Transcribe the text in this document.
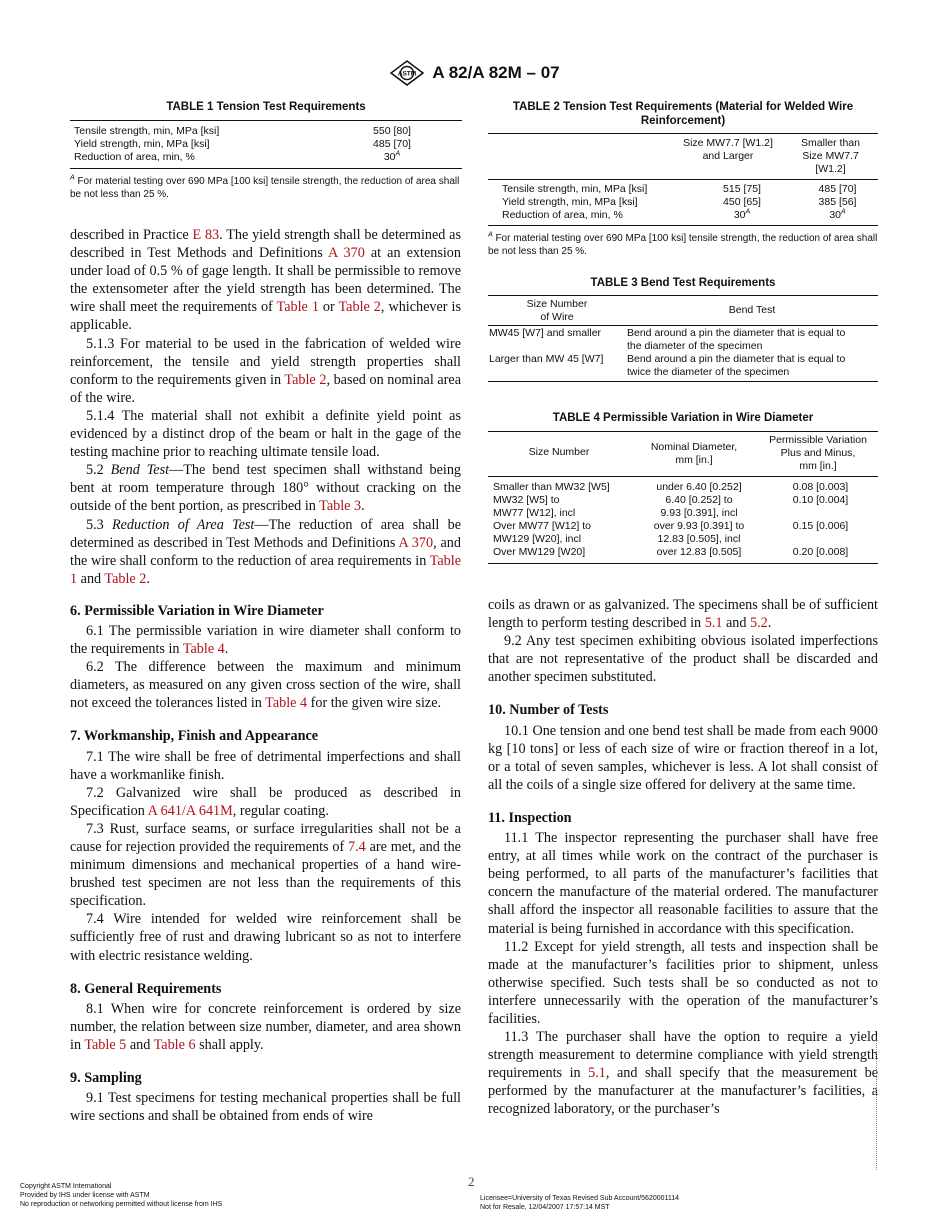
ASTM A 82/A 82M – 07
TABLE 1 Tension Test Requirements
Tensile strength, min, MPa [ksi]	550 [80]	
Yield strength, min, MPa [ksi]	485 [70]	
Reduction of area, min, %	$30^A$	
$^A$ For material testing over 690 MPa [100 ksi] tensile strength, the reduction of area shall be not less than 25 %.
TABLE 2 Tension Test Requirements (Material for Welded Wire
Reinforcement)

Size MW7.7 [W1.2]
and Larger

Smaller than
Size MW7.7
[W1.2]
Tensile strength, min, MPa [ksi]	515 [75]	485 [70]
Yield strength, min, MPa [ksi]	450 [65]	385 [56]
Reduction of area, min, %	$30^A$	$30^A$
$^A$ For material testing over 690 MPa [100 ksi] tensile strength, the reduction of area shall be not less than 25 %.
TABLE 3 Bend Test Requirements
Size Number
of Wire
	Bend Test
MW45 [W7] and smaller	Bend around a pin the diameter that is equal to
the diameter of the specimen

Larger than MW 45 [W7]	Bend around a pin the diameter that is equal to
twice the diameter of the specimen
TABLE 4 Permissible Variation in Wire Diameter
Size Number	Nominal Diameter,
mm [in.]

Permissible Variation
Plus and Minus,
mm [in.]
Smaller than MW32 [W5]	under 6.40 [0.252]	0.08 [0.003]
MW32 [W5] to	6.40 [0.252] to	0.10 [0.004]
MW77 [W12], incl	9.93 [0.391], incl	
Over MW77 [W12] to	over 9.93 [0.391] to	0.15 [0.006]
MW129 [W20], incl	12.83 [0.505], incl	
Over MW129 [W20]	over 12.83 [0.505]	0.20 [0.008]

described in Practice E 83. The yield strength shall be determined as described in Test Methods and Definitions A 370 at an extension under load of 0.5 % of gage length. It shall be permissible to remove the extensometer after the yield strength has been determined. The wire shall meet the requirements of Table 1 or Table 2, whichever is applicable.

5.1.3 For material to be used in the fabrication of welded wire reinforcement, the tensile and yield strength properties shall conform to the requirements given in Table 2, based on nominal area of the wire.

5.1.4 The material shall not exhibit a definite yield point as evidenced by a distinct drop of the beam or halt in the gage of the testing machine prior to reaching ultimate tensile load.

5.2 Bend Test—The bend test specimen shall withstand being bent at room temperature through 180° without cracking on the outside of the bent portion, as prescribed in Table 3.

5.3 Reduction of Area Test—The reduction of area shall be determined as described in Test Methods and Definitions A 370, and the wire shall conform to the reduction of area requirements in Table 1 and Table 2.

6. Permissible Variation in Wire Diameter

6.1 The permissible variation in wire diameter shall conform to the requirements in Table 4.

6.2 The difference between the maximum and minimum diameters, as measured on any given cross section of the wire, shall not exceed the tolerances listed in Table 4 for the given wire size.

7. Workmanship, Finish and Appearance

7.1 The wire shall be free of detrimental imperfections and shall have a workmanlike finish.

7.2 Galvanized wire shall be produced as described in Specification A 641/A 641M, regular coating.

7.3 Rust, surface seams, or surface irregularities shall not be a cause for rejection provided the requirements of 7.4 are met, and the minimum dimensions and mechanical properties of a hand wire-brushed test specimen are not less than the requirements of this specification.

7.4 Wire intended for welded wire reinforcement shall be sufficiently free of rust and drawing lubricant so as not to interfere with electric resistance welding.

8. General Requirements

8.1 When wire for concrete reinforcement is ordered by size number, the relation between size number, diameter, and area shown in Table 5 and Table 6 shall apply.

9. Sampling

9.1 Test specimens for testing mechanical properties shall be full wire sections and shall be obtained from ends of wire

coils as drawn or as galvanized. The specimens shall be of sufficient length to perform testing described in 5.1 and 5.2.

9.2 Any test specimen exhibiting obvious isolated imperfections that are not representative of the product shall be discarded and another specimen substituted.

10. Number of Tests

10.1 One tension and one bend test shall be made from each 9000 kg [10 tons] or less of each size of wire or fraction thereof in a lot, or a total of seven samples, whichever is less. A lot shall consist of all the coils of a single size offered for delivery at the same time.

11. Inspection

11.1 The inspector representing the purchaser shall have free entry, at all times while work on the contract of the purchaser is being performed, to all parts of the manufacturer’s facilities that concern the manufacture of the material ordered. The manufacturer shall afford the inspector all reasonable facilities to assure that the material is being furnished in accordance with this specification.

11.2 Except for yield strength, all tests and inspection shall be made at the manufacturer’s facilities prior to shipment, unless otherwise specified. Such tests shall be so conducted as not to interfere unnecessarily with the operation of the manufacturer’s facilities.

11.3 The purchaser shall have the option to require a yield strength measurement to determine compliance with yield strength requirements in 5.1, and shall specify that the measurement be performed by the manufacturer at the manufacturer’s facilities, a recognized laboratory, or the purchaser’s

2
Copyright ASTM International
Provided by IHS under license with ASTM
No reproduction or networking permitted without license from IHS
Licensee=University of Texas Revised Sub Account/5620001114
Not for Resale, 12/04/2007 17:57:14 MST
